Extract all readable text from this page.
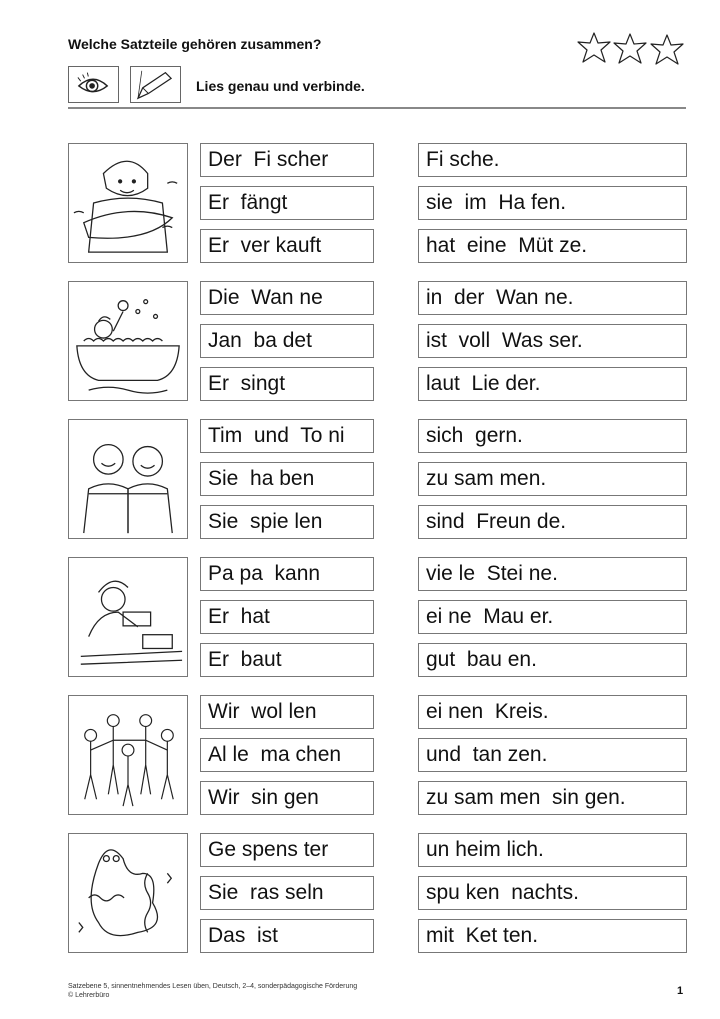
Welche Satzteile gehören zusammen?
Lies genau und verbinde.
Der  Fi scher
Er  fängt
Er  ver kauft
Fi sche.
sie  im  Ha fen.
hat  eine  Müt ze.
Die  Wan ne
Jan  ba det
Er  singt
in  der  Wan ne.
ist  voll  Was ser.
laut  Lie der.
Tim  und  To ni
Sie  ha ben
Sie  spie len
sich  gern.
zu sam men.
sind  Freun de.
Pa pa  kann
Er  hat
Er  baut
vie le  Stei ne.
ei ne  Mau er.
gut  bau en.
Wir  wol len
Al le  ma chen
Wir  sin gen
ei nen  Kreis.
und  tan zen.
zu sam men  sin gen.
Ge spens ter
Sie  ras seln
Das  ist
un heim lich.
spu ken  nachts.
mit  Ket ten.
Satzebene 5, sinnentnehmendes Lesen üben, Deutsch, 2–4, sonderpädagogische Förderung
© Lehrerbüro	1
